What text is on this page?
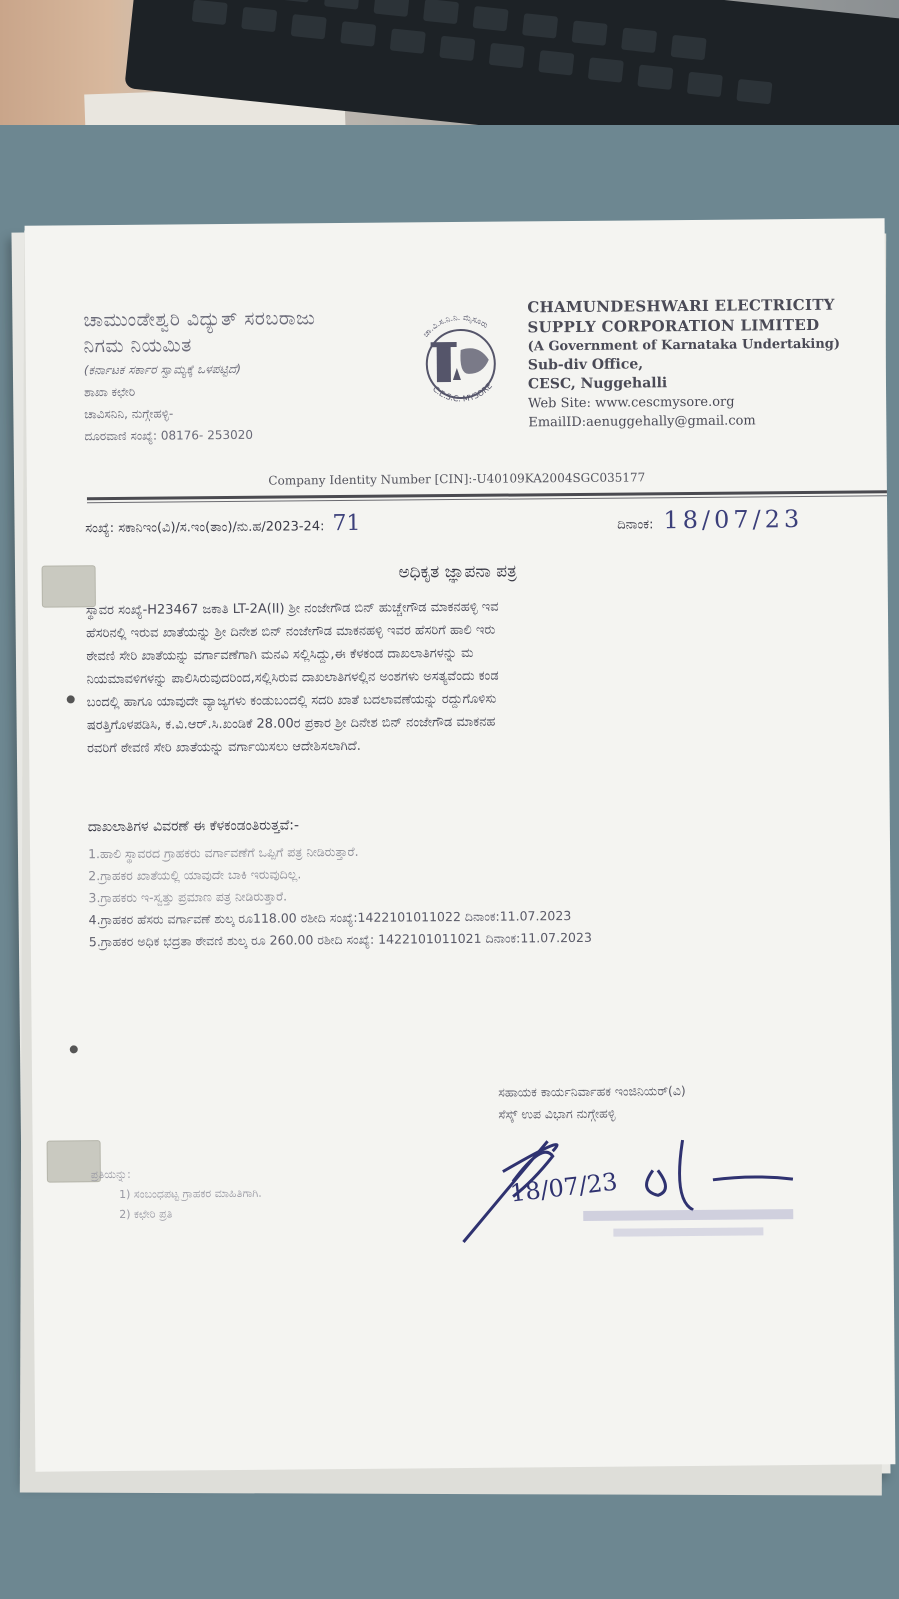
ಚಾಮುಂಡೇಶ್ವರಿ ವಿದ್ಯುತ್ ಸರಬರಾಜು
ನಿಗಮ ನಿಯಮಿತ
(ಕರ್ನಾಟಕ ಸರ್ಕಾರ ಸ್ವಾಮ್ಯಕ್ಕೆ ಒಳಪಟ್ಟಿದೆ)
ಶಾಖಾ ಕಛೇರಿ
ಚಾವಿಸನಿನಿ, ನುಗ್ಗೇಹಳ್ಳಿ-
ದೂರವಾಣಿ ಸಂಖ್ಯೆ: 08176- 253020
ಚಾ.ವಿ.ಸ.ನಿ.ನಿ. ಮೈಸೂರು
C.E.S.C. MYSORE
CHAMUNDESHWARI ELECTRICITY
SUPPLY CORPORATION LIMITED
(A Government of Karnataka Undertaking)
Sub-div Office,
CESC, Nuggehalli
Web Site: www.cescmysore.org
EmailID:aenuggehally@gmail.com
Company Identity Number [CIN]:-U40109KA2004SGC035177
ಸಂಖ್ಯೆ: ಸಕಾನಿಇಂ(ವಿ)/ಸ.ಇಂ(ತಾಂ)/ನು.ಹ/2023-24: 71	ದಿನಾಂಕ: 18/07/23
ಅಧಿಕೃತ ಜ್ಞಾಪನಾ ಪತ್ರ
ಸ್ಥಾವರ ಸಂಖ್ಯೆ-H23467 ಜಕಾತಿ LT-2A(II) ಶ್ರೀ ನಂಜೇಗೌಡ ಬಿನ್ ಹುಚ್ಚೇಗೌಡ ಮಾಕನಹಳ್ಳಿ ಇವ
ಹೆಸರಿನಲ್ಲಿ ಇರುವ ಖಾತೆಯನ್ನು ಶ್ರೀ ದಿನೇಶ ಬಿನ್ ನಂಜೇಗೌಡ ಮಾಕನಹಳ್ಳಿ ಇವರ ಹೆಸರಿಗೆ ಹಾಲಿ ಇರು
ಠೇವಣಿ ಸೇರಿ ಖಾತೆಯನ್ನು ವರ್ಗಾವಣೆಗಾಗಿ ಮನವಿ ಸಲ್ಲಿಸಿದ್ದು,ಈ ಕೆಳಕಂಡ ದಾಖಲಾತಿಗಳನ್ನು ಮ
ನಿಯಮಾವಳಿಗಳನ್ನು ಪಾಲಿಸಿರುವುದರಿಂದ,ಸಲ್ಲಿಸಿರುವ ದಾಖಲಾತಿಗಳಲ್ಲಿನ ಅಂಶಗಳು ಅಸತ್ಯವೆಂದು ಕಂಡ
ಬಂದಲ್ಲಿ ಹಾಗೂ ಯಾವುದೇ ವ್ಯಾಜ್ಯಗಳು ಕಂಡುಬಂದಲ್ಲಿ ಸದರಿ ಖಾತೆ ಬದಲಾವಣೆಯನ್ನು ರದ್ದುಗೊಳಿಸು
ಷರತ್ತಿಗೊಳಪಡಿಸಿ, ಕ.ವಿ.ಆರ್.ಸಿ.ಖಂಡಿಕೆ 28.00ರ ಪ್ರಕಾರ ಶ್ರೀ ದಿನೇಶ ಬಿನ್ ನಂಜೇಗೌಡ ಮಾಕನಹ
ರವರಿಗೆ ಠೇವಣಿ ಸೇರಿ ಖಾತೆಯನ್ನು ವರ್ಗಾಯಿಸಲು ಆದೇಶಿಸಲಾಗಿದೆ.
ದಾಖಲಾತಿಗಳ ವಿವರಣೆ ಈ ಕೆಳಕಂಡಂತಿರುತ್ತವೆ:-
1.ಹಾಲಿ ಸ್ಥಾವರದ ಗ್ರಾಹಕರು ವರ್ಗಾವಣೆಗೆ ಒಪ್ಪಿಗೆ ಪತ್ರ ನೀಡಿರುತ್ತಾರೆ.
2.ಗ್ರಾಹಕರ ಖಾತೆಯಲ್ಲಿ ಯಾವುದೇ ಬಾಕಿ ಇರುವುದಿಲ್ಲ.
3.ಗ್ರಾಹಕರು ಇ-ಸ್ವತ್ತು ಪ್ರಮಾಣ ಪತ್ರ ನೀಡಿರುತ್ತಾರೆ.
4.ಗ್ರಾಹಕರ ಹೆಸರು ವರ್ಗಾವಣೆ ಶುಲ್ಕ ರೂ118.00 ರಶೀದಿ ಸಂಖ್ಯೆ:1422101011022 ದಿನಾಂಕ:11.07.2023
5.ಗ್ರಾಹಕರ ಅಧಿಕ ಭದ್ರತಾ ಠೇವಣಿ ಶುಲ್ಕ ರೂ 260.00 ರಶೀದಿ ಸಂಖ್ಯೆ: 1422101011021 ದಿನಾಂಕ:11.07.2023
ಸಹಾಯಕ ಕಾರ್ಯನಿರ್ವಾಹಕ ಇಂಜಿನಿಯರ್(ವಿ)
ಸೆಸ್ಕ್ ಉಪ ವಿಭಾಗ ನುಗ್ಗೇಹಳ್ಳಿ
18/07/23
ಪ್ರತಿಯನ್ನು:
1) ಸಂಬಂಧಪಟ್ಟ ಗ್ರಾಹಕರ ಮಾಹಿತಿಗಾಗಿ.
2) ಕಛೇರಿ ಪ್ರತಿ
